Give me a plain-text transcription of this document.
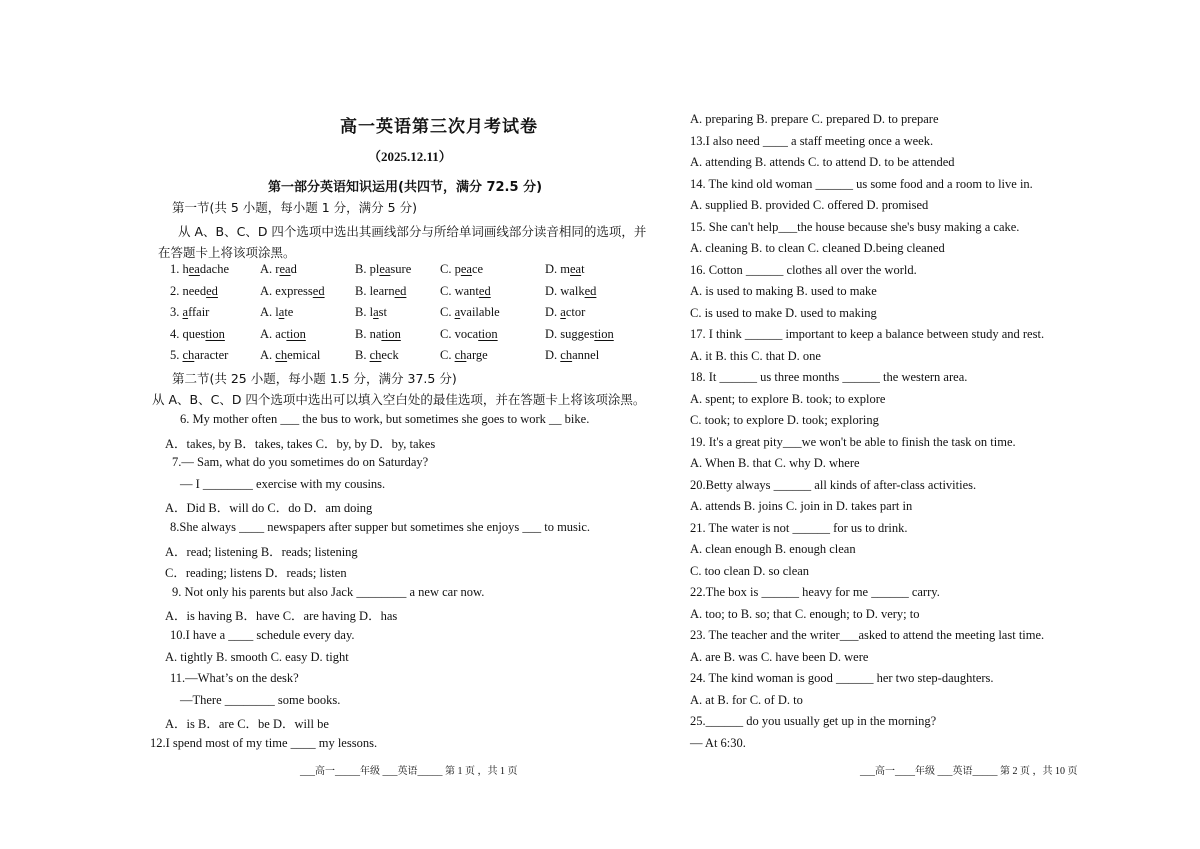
高一英语第三次月考试卷
（2025.12.11）
第一部分英语知识运用(共四节，满分 72.5 分)
第一节(共 5 小题，每小题 1 分，满分 5 分)
从 A、B、C、D 四个选项中选出其画线部分与所给单词画线部分读音相同的选项，并
在答题卡上将该项涂黑。
1. headache A. read	B. pleasure C. peace	D. meat
2. needed	A. expressed B. learned	C. wanted	D. walked
3. affair	A. late	B. last	C. available	D. actor
4. question	A. action	B. nation	C. vocation	D. suggestion
5. character	A. chemical	B. check	C. charge	D. channel
第二节(共 25 小题，每小题 1.5 分，满分 37.5 分)
从 A、B、C、D 四个选项中选出可以填入空白处的最佳选项，并在答题卡上将该项涂黑。
6. My mother often ___ the bus to work, but sometimes she goes to work __ bike.
A．takes, by B．takes, takes C．by, by D．by, takes
7.— Sam, what do you sometimes do on Saturday?
— I ________ exercise with my cousins.
A．Did B．will do C．do D．am doing
8.She always ____ newspapers after supper but sometimes she enjoys ___ to music.
A．read; listening B．reads; listening
C．reading; listens D．reads; listen
9. Not only his parents but also Jack ________ a new car now.
A．is having B．have C．are having D．has
10.I have a ____ schedule every day.
A. tightly B. smooth C. easy D. tight
11.—What’s on the desk?
—There ________ some books.
A．is B．are C．be D．will be
12.I spend most of my time ____ my lessons.
___高一_____年级 ___英语_____ 第 1 页 ，共 1 页
A. preparing B. prepare C. prepared D. to prepare
13.I also need ____ a staff meeting once a week.
A. attending B. attends C. to attend D. to be attended
14. The kind old woman ______ us some food and a room to live in.
A. supplied B. provided C. offered D. promised
15. She can't help___the house because she's busy making a cake.
A. cleaning B. to clean C. cleaned D.being cleaned
16. Cotton ______ clothes all over the world.
A. is used to making B. used to make
C. is used to make D. used to making
17. I think ______ important to keep a balance between study and rest.
A. it B. this C. that D. one
18. It ______ us three months ______ the western area.
A. spent; to explore B. took; to explore
C. took; to explore D. took; exploring
19. It's a great pity___we won't be able to finish the task on time.
A. When B. that C. why D. where
20.Betty always ______ all kinds of after-class activities.
A. attends B. joins C. join in D. takes part in
21. The water is not ______ for us to drink.
A. clean enough B. enough clean
C. too clean D. so clean
22.The box is ______ heavy for me ______ carry.
A. too; to B. so; that C. enough; to D. very; to
23. The teacher and the writer___asked to attend the meeting last time.
A. are B. was C. have been D. were
24. The kind woman is good ______ her two step-daughters.
A. at B. for C. of D. to
25.______ do you usually get up in the morning?
— At 6:30.
___高一____年级 ___英语_____ 第 2 页 ，共 10 页
